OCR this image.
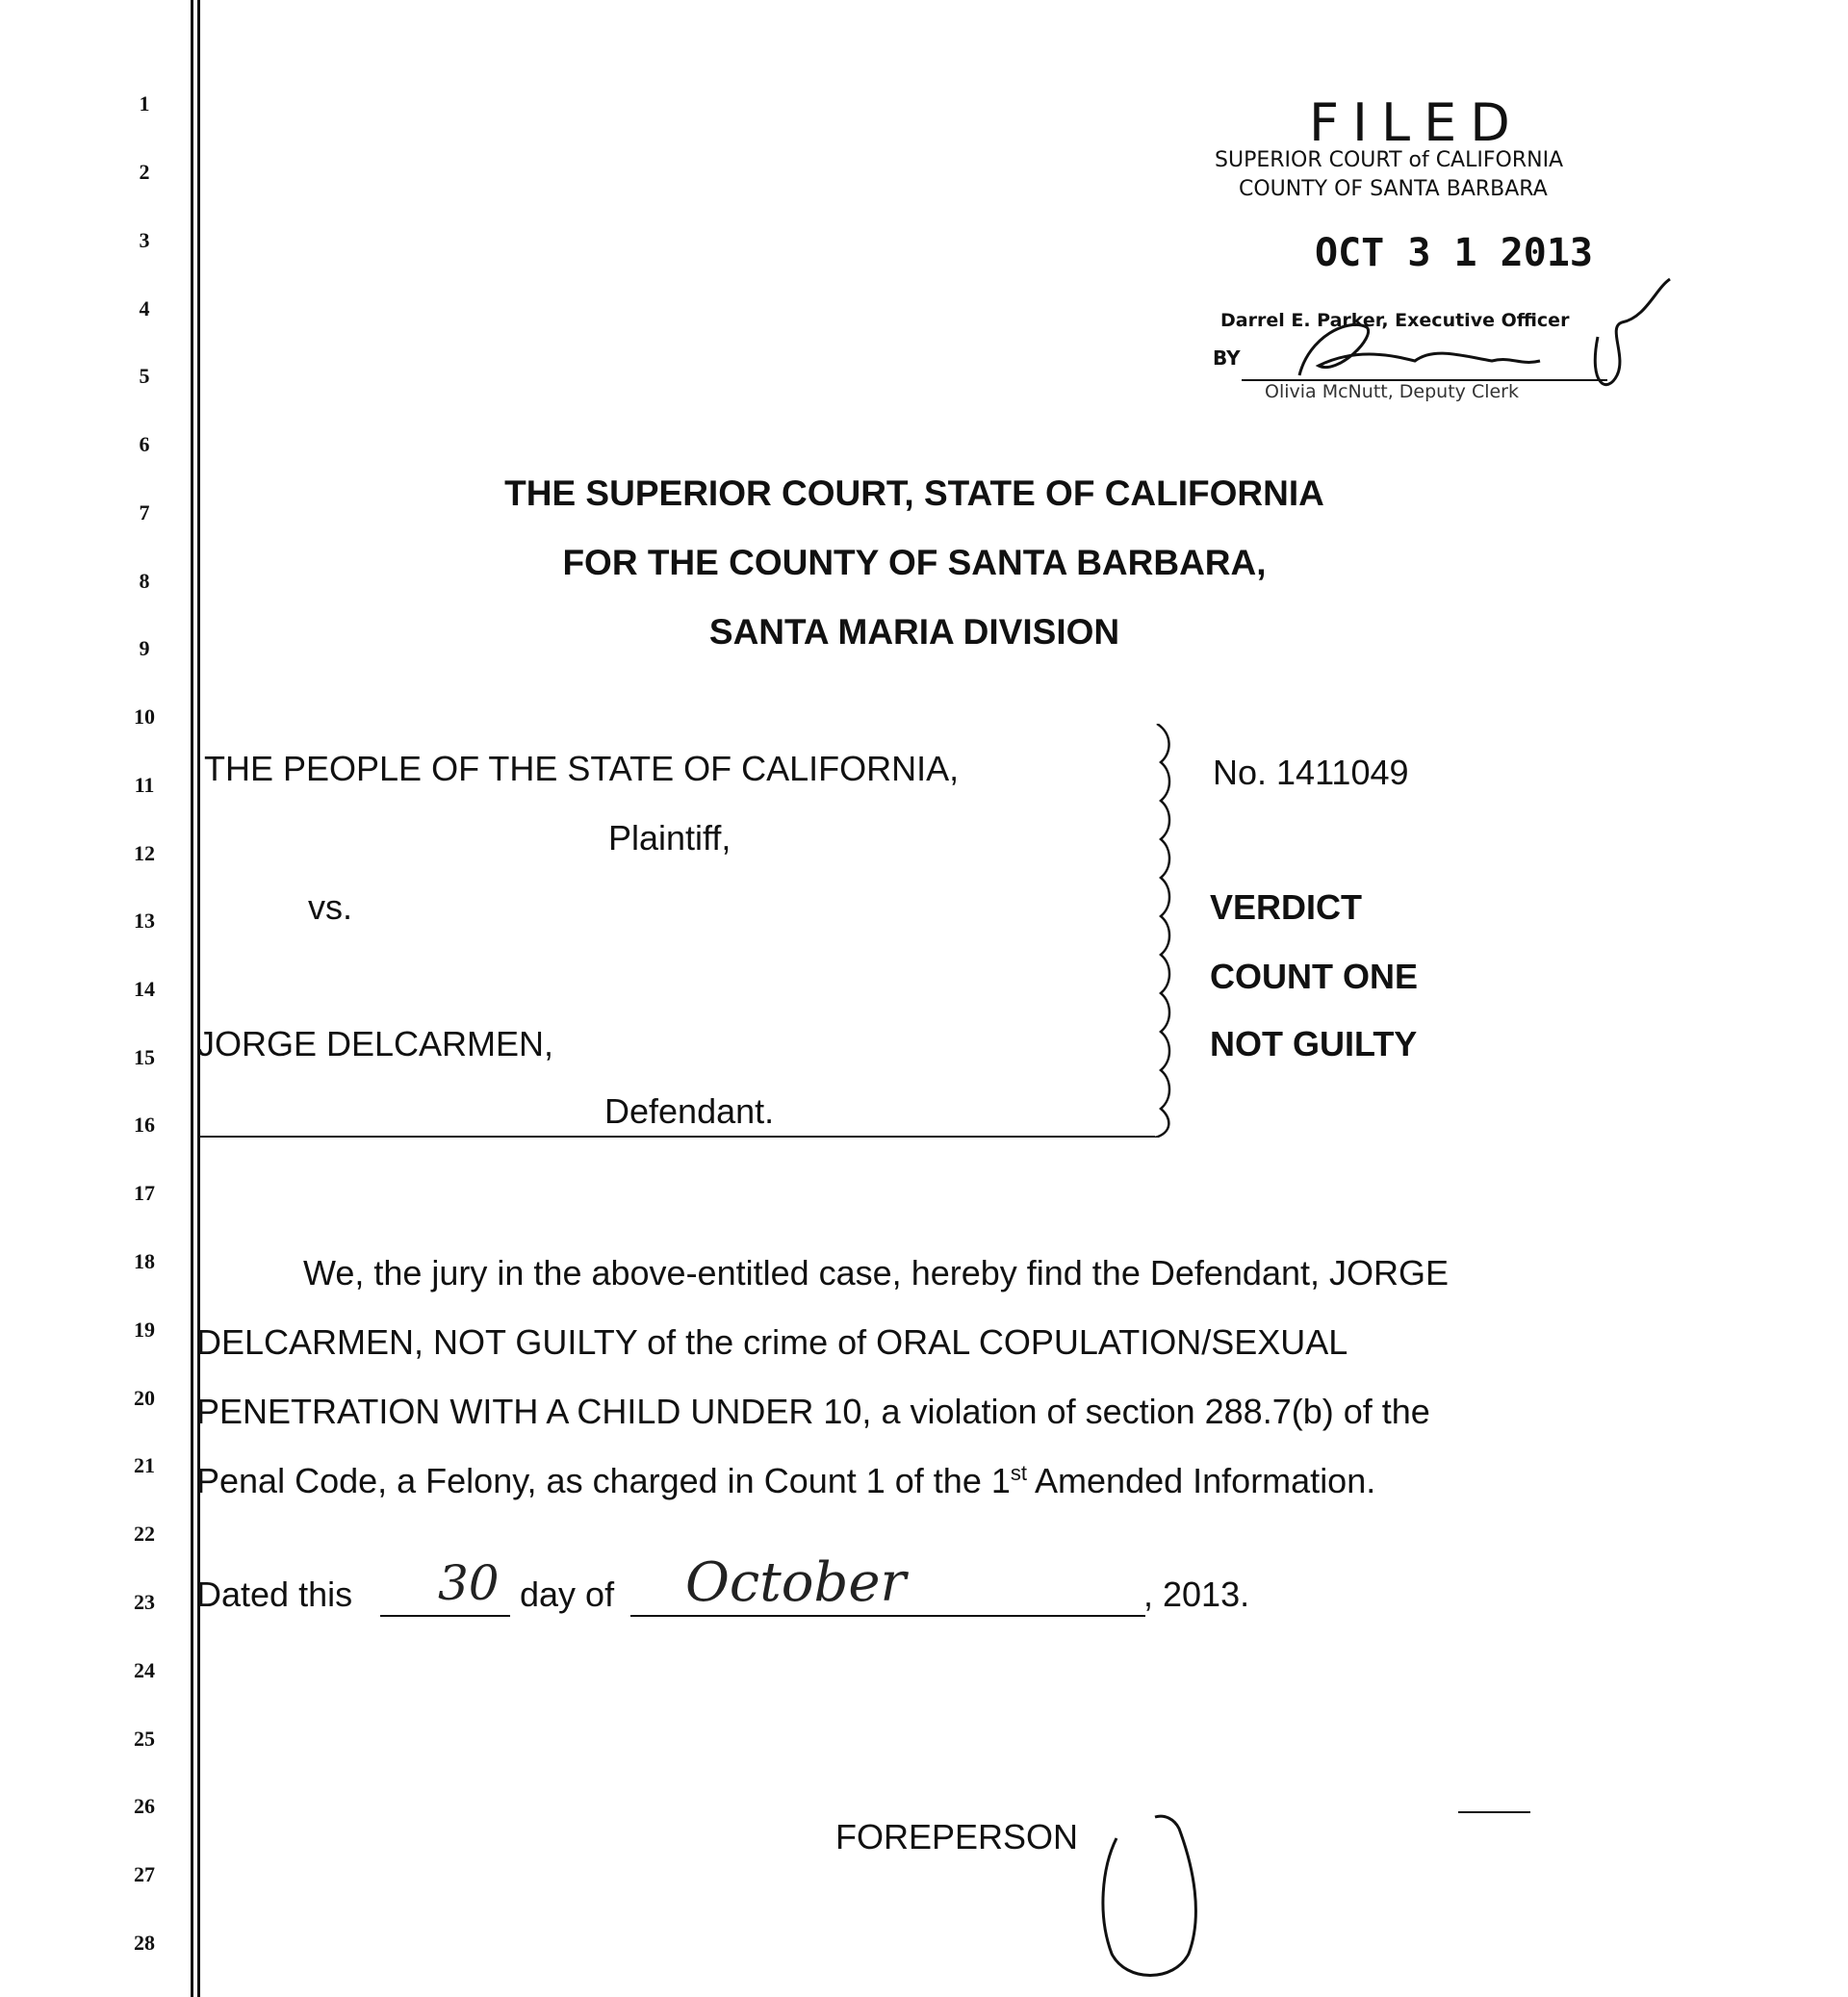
1
2
3
4
5
6
7
8
9
10
11
12
13
14
15
16
17
18
19
20
21
22
23
24
25
26
27
28
FILED
SUPERIOR COURT of CALIFORNIA
COUNTY OF SANTA BARBARA
OCT 3 1 2013
Darrel E. Parker, Executive Officer
BY
Olivia McNutt, Deputy Clerk
THE SUPERIOR COURT, STATE OF CALIFORNIA
FOR THE COUNTY OF SANTA BARBARA,
SANTA MARIA DIVISION
THE PEOPLE OF THE STATE OF CALIFORNIA,
Plaintiff,
vs.
JORGE DELCARMEN,
Defendant.
No. 1411049
VERDICT
COUNT ONE
NOT GUILTY
We, the jury in the above-entitled case, hereby find the Defendant, JORGE
DELCARMEN, NOT GUILTY of the crime of ORAL COPULATION/SEXUAL
PENETRATION WITH A CHILD UNDER 10, a violation of section 288.7(b) of the
Penal Code, a Felony, as charged in Count 1 of the 1st Amended Information.
Dated this 30 day of October	, 2013.
FOREPERSON
